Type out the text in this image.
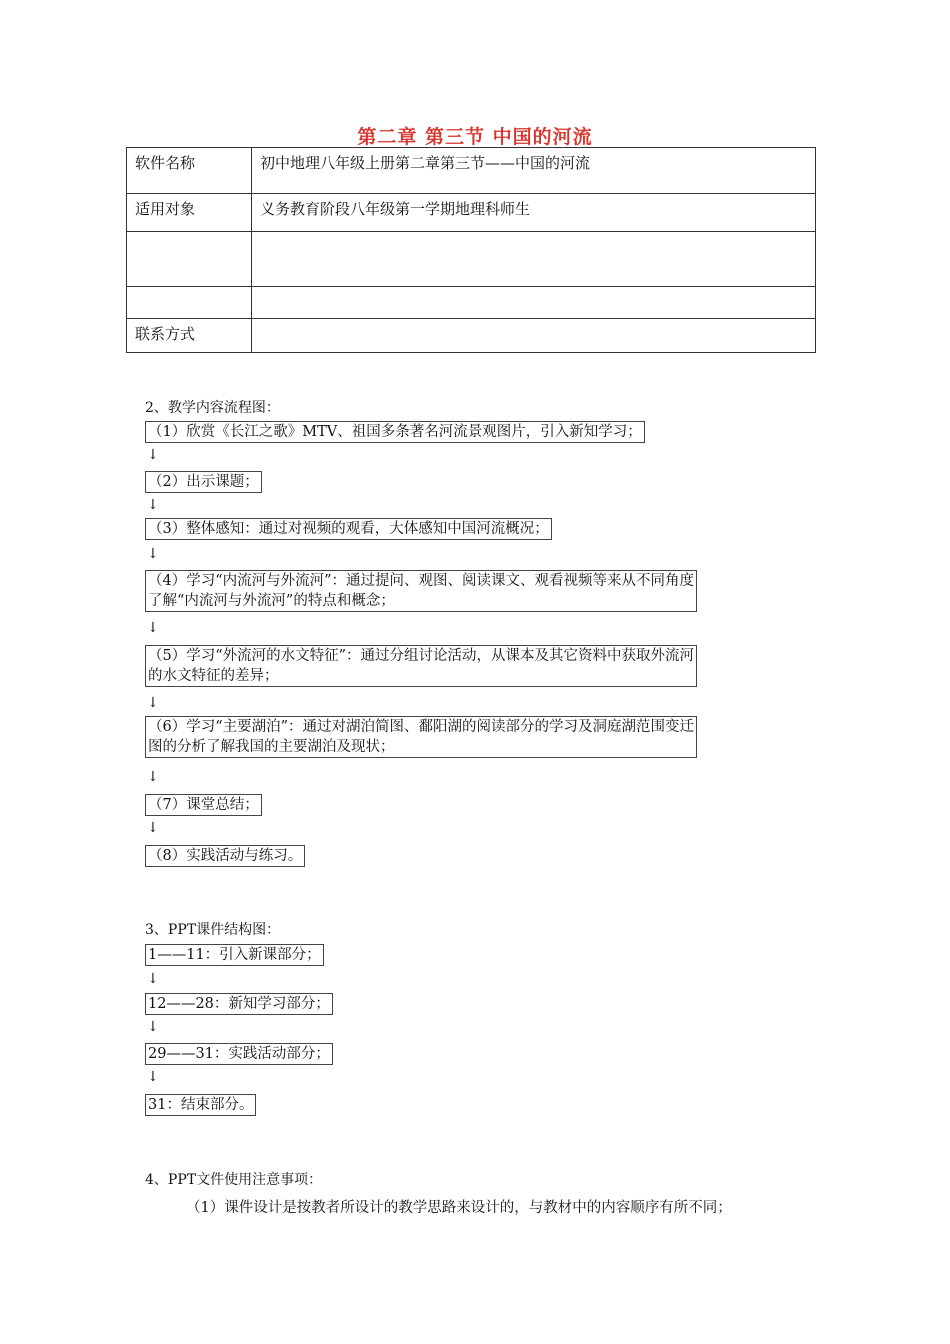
第二章 第三节 中国的河流
软件名称	初中地理八年级上册第二章第三节——中国的河流
适用对象	义务教育阶段八年级第一学期地理科师生

联系方式	
2、教学内容流程图：
（1）欣赏《长江之歌》MTV、祖国多条著名河流景观图片，引入新知学习；
↓
（2）出示课题；
↓
（3）整体感知：通过对视频的观看，大体感知中国河流概况；
↓
（4）学习“内流河与外流河”：通过提问、观图、阅读课文、观看视频等来从不同角度
了解“内流河与外流河”的特点和概念；
↓
（5）学习“外流河的水文特征”：通过分组讨论活动，从课本及其它资料中获取外流河
的水文特征的差异；
↓
（6）学习“主要湖泊”：通过对湖泊简图、鄱阳湖的阅读部分的学习及洞庭湖范围变迁
图的分析了解我国的主要湖泊及现状；
↓
（7）课堂总结；
↓
（8）实践活动与练习。
3、PPT课件结构图：
1——11：引入新课部分；
↓
12——28：新知学习部分；
↓
29——31：实践活动部分；
↓
31：结束部分。
4、PPT文件使用注意事项：
（1）课件设计是按教者所设计的教学思路来设计的，与教材中的内容顺序有所不同；
